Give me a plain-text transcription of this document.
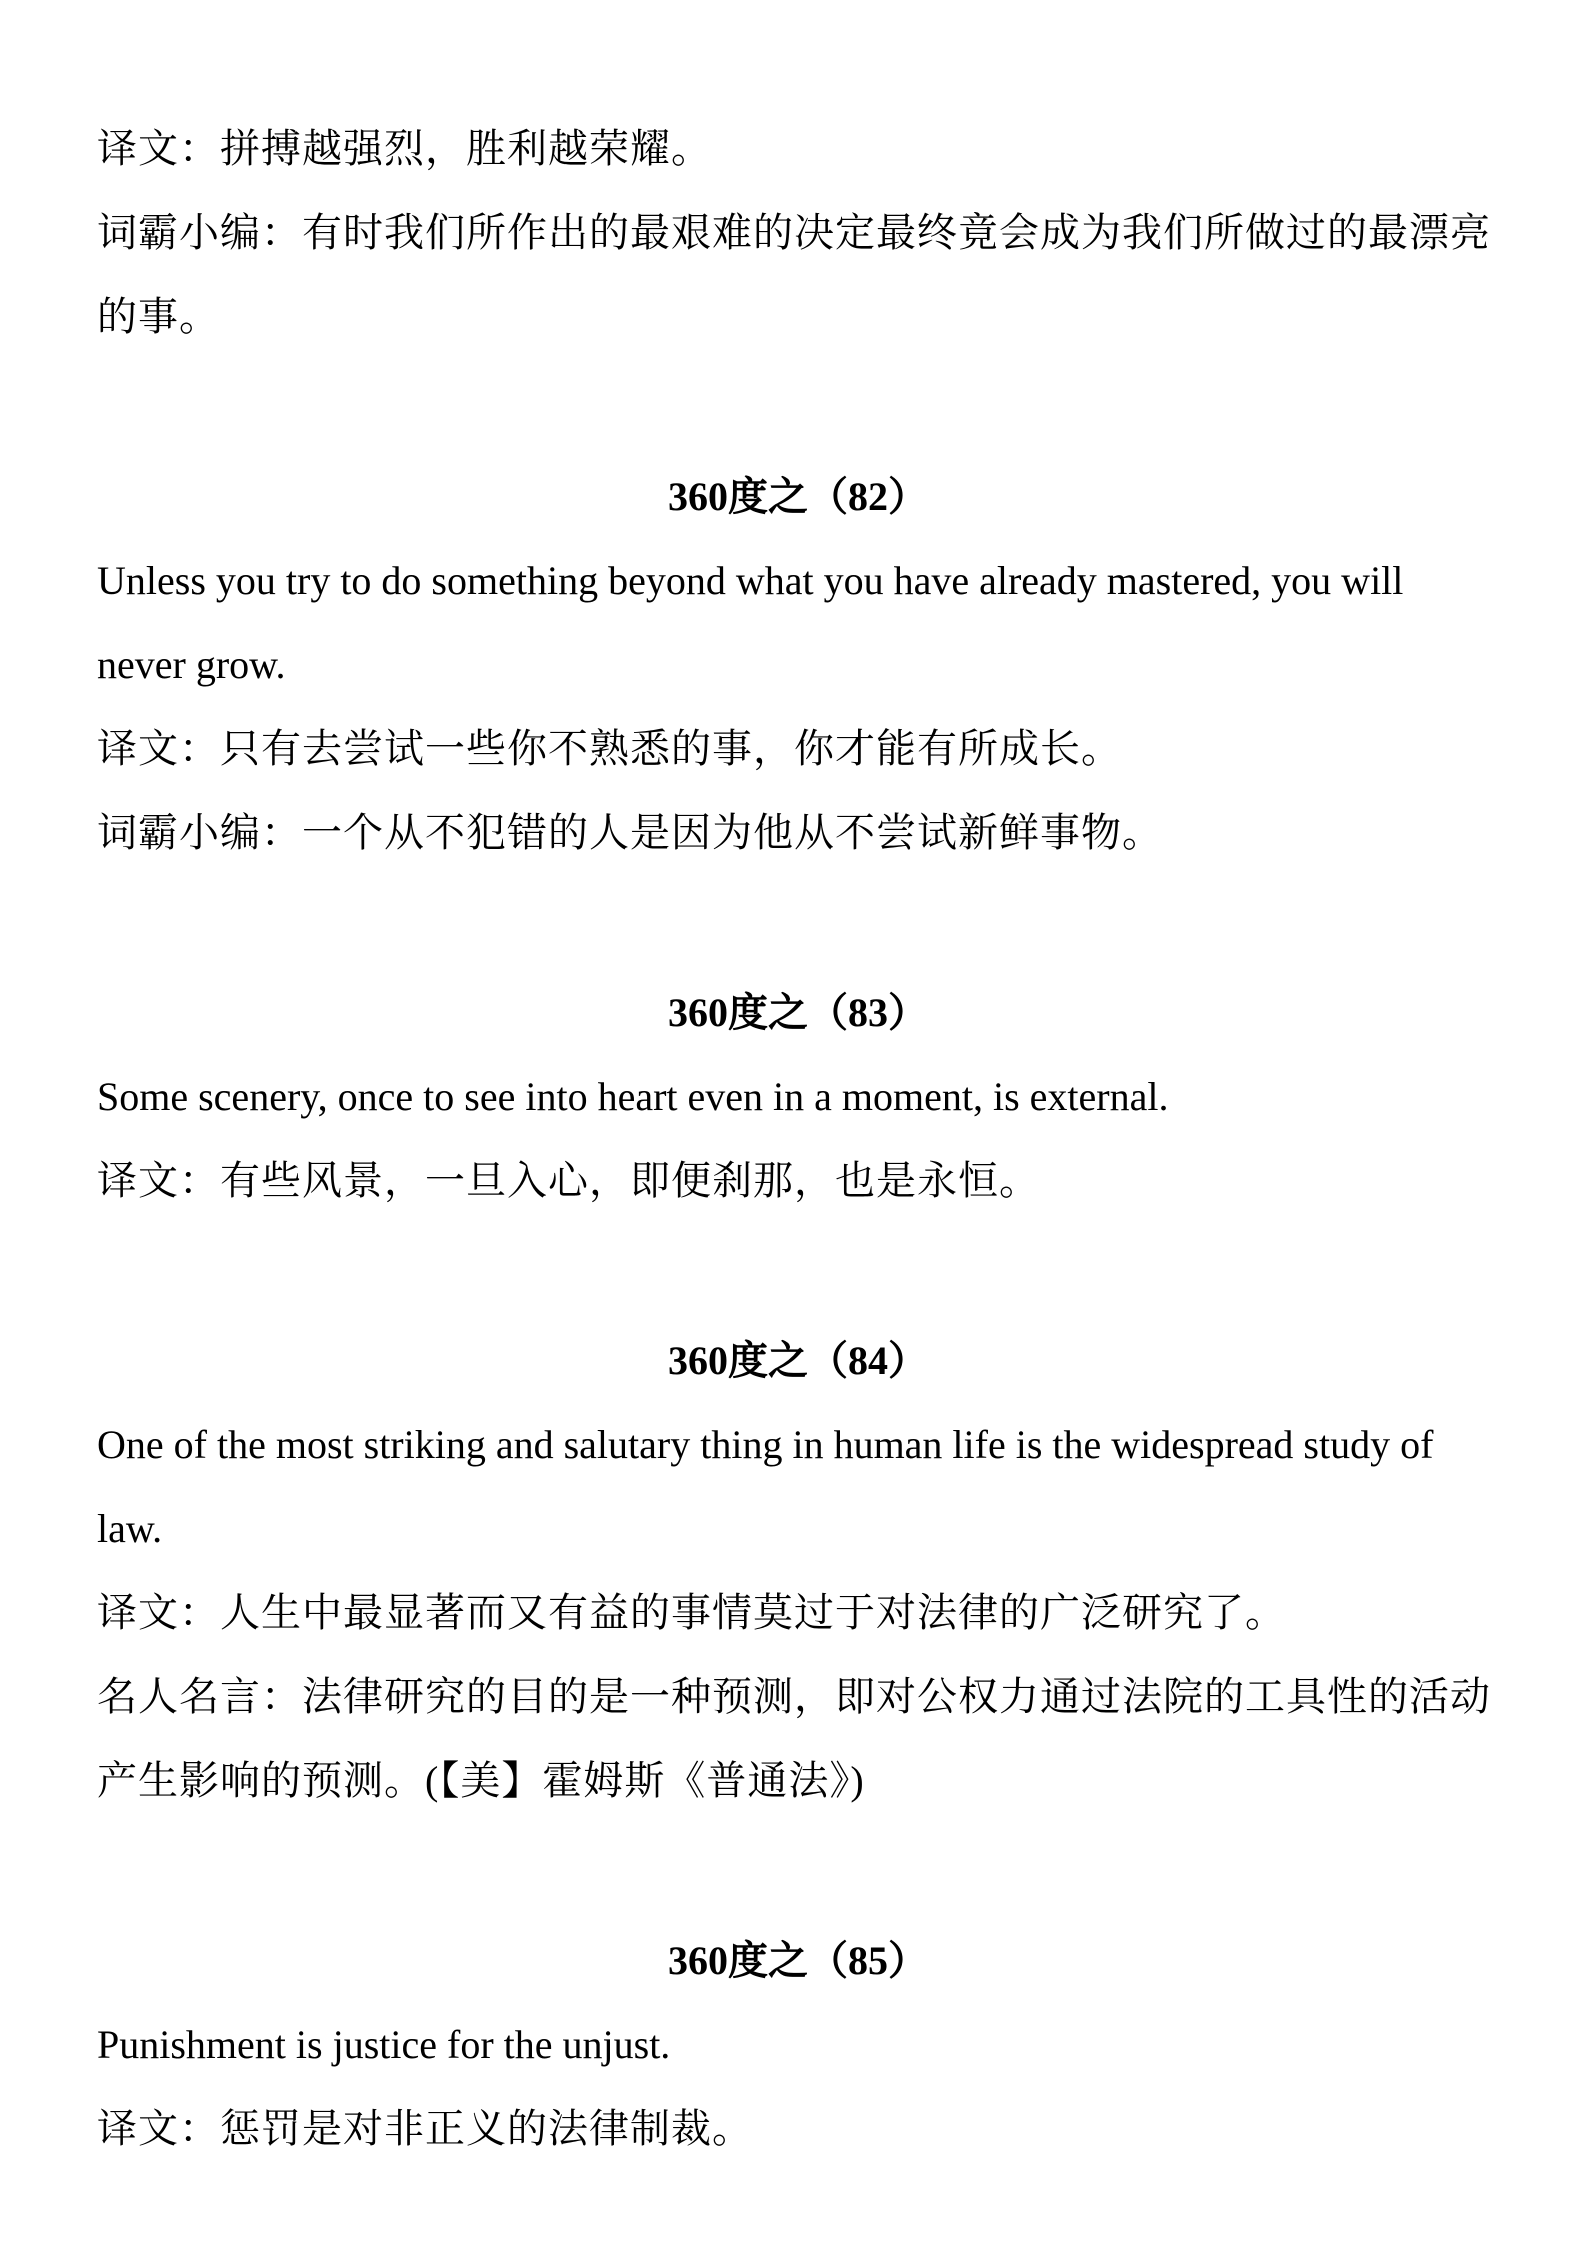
译文：拼搏越强烈，胜利越荣耀。

词霸小编：有时我们所作出的最艰难的决定最终竟会成为我们所做过的最漂亮的事。

360度之（82）

Unless you try to do something beyond what you have already mastered, you will never grow.

译文：只有去尝试一些你不熟悉的事，你才能有所成长。

词霸小编：一个从不犯错的人是因为他从不尝试新鲜事物。

360度之（83）

Some scenery, once to see into heart even in a moment, is external.

译文：有些风景，一旦入心，即便刹那，也是永恒。

360度之（84）

One of the most striking and salutary thing in human life is the widespread study of law.

译文：人生中最显著而又有益的事情莫过于对法律的广泛研究了。

名人名言：法律研究的目的是一种预测，即对公权力通过法院的工具性的活动产生影响的预测。(【美】霍姆斯《普通法》)

360度之（85）

Punishment is justice for the unjust.

译文：惩罚是对非正义的法律制裁。
